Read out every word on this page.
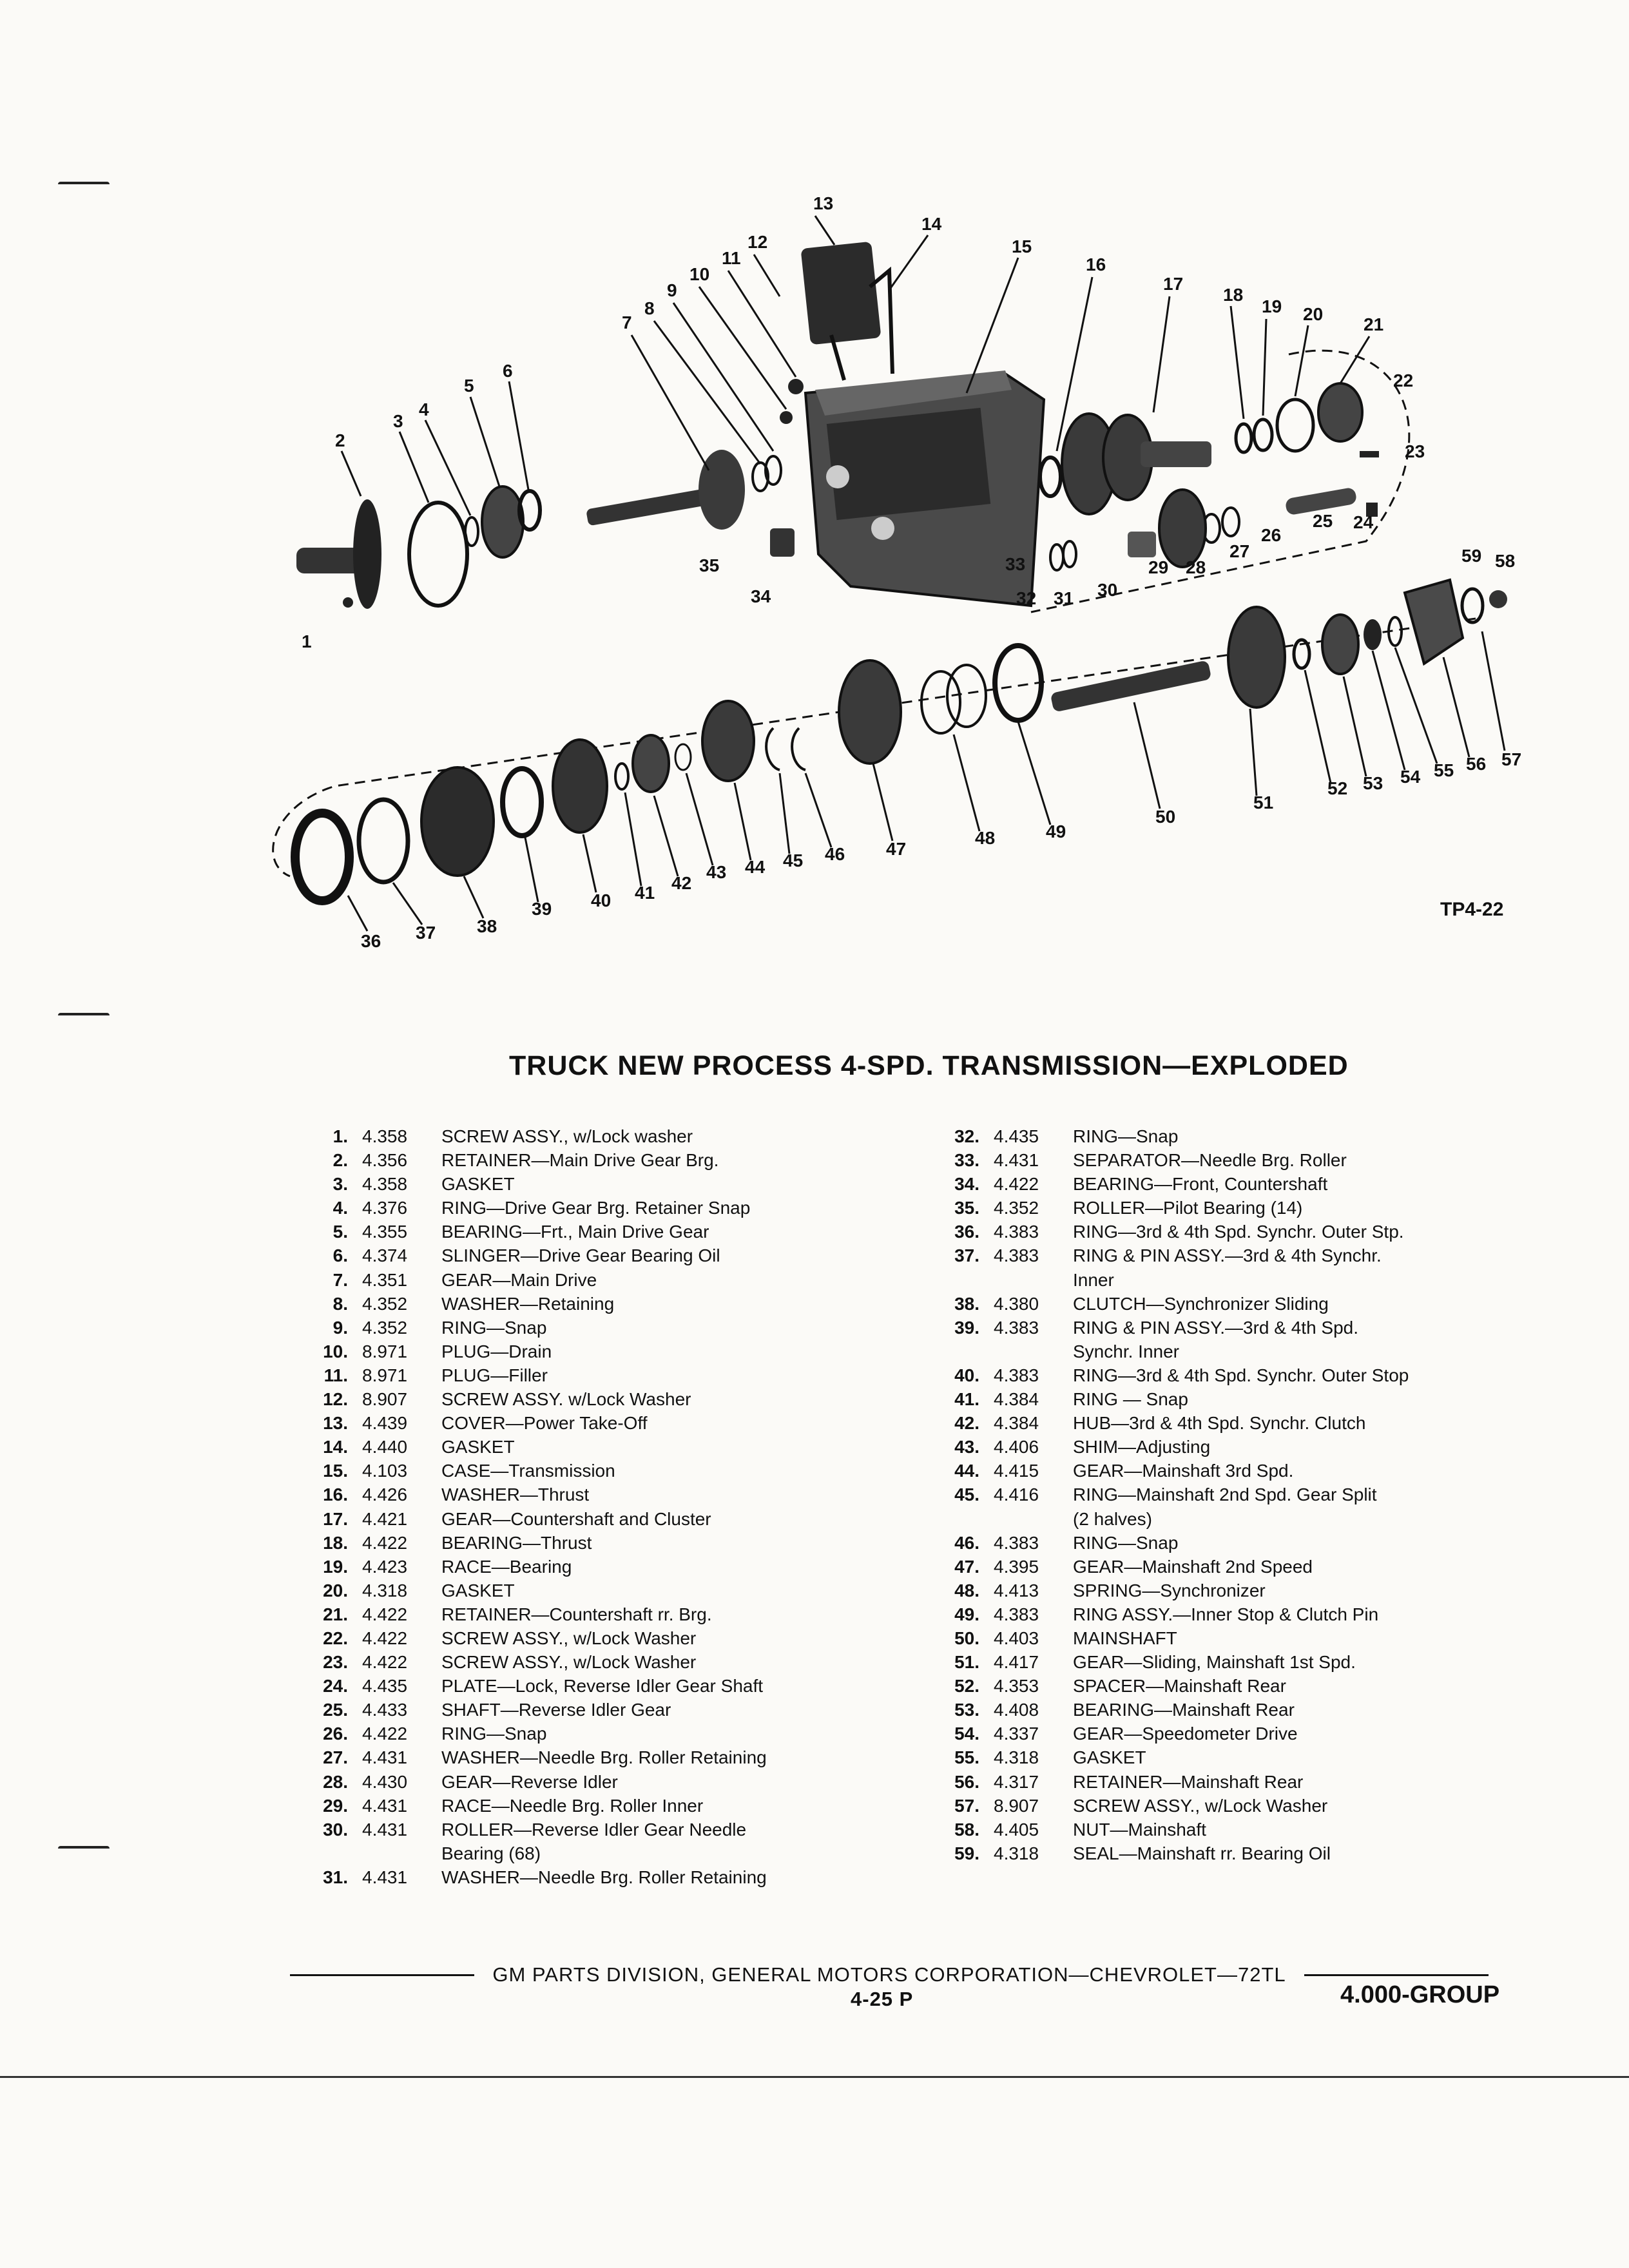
1
2
3
4
5
6
7
8
9
10
11
12
13
14
15
16
17
18
19 20
21
22
23
24
25
26
27
28
29
30
31
32
33
34
35
36 37 38
39 40 41 42
43 44 45 46 47
48	49
50
51
52 53 54 55 56 57
58
59
TP4-22
TRUCK NEW PROCESS 4-SPD. TRANSMISSION—EXPLODED
1. 4.358	SCREW ASSY., w/Lock washer
2. 4.356	RETAINER—Main Drive Gear Brg.
3. 4.358	GASKET
4. 4.376	RING—Drive Gear Brg. Retainer Snap
5. 4.355	BEARING—Frt., Main Drive Gear
6. 4.374	SLINGER—Drive Gear Bearing Oil
7. 4.351	GEAR—Main Drive
8. 4.352	WASHER—Retaining
9. 4.352	RING—Snap
10. 8.971	PLUG—Drain
11. 8.971	PLUG—Filler
12. 8.907	SCREW ASSY. w/Lock Washer
13. 4.439	COVER—Power Take-Off
14. 4.440	GASKET
15. 4.103	CASE—Transmission
16. 4.426	WASHER—Thrust
17. 4.421	GEAR—Countershaft and Cluster
18. 4.422	BEARING—Thrust
19. 4.423	RACE—Bearing
20. 4.318	GASKET
21. 4.422	RETAINER—Countershaft rr. Brg.
22. 4.422	SCREW ASSY., w/Lock Washer
23. 4.422	SCREW ASSY., w/Lock Washer
24. 4.435	PLATE—Lock, Reverse Idler Gear Shaft
25. 4.433	SHAFT—Reverse Idler Gear
26. 4.422	RING—Snap
27. 4.431	WASHER—Needle Brg. Roller Retaining
28. 4.430	GEAR—Reverse Idler
29. 4.431	RACE—Needle Brg. Roller Inner
30. 4.431	ROLLER—Reverse Idler Gear Needle
Bearing (68)
31. 4.431	WASHER—Needle Brg. Roller Retaining
32. 4.435	RING—Snap
33. 4.431	SEPARATOR—Needle Brg. Roller
34. 4.422	BEARING—Front, Countershaft
35. 4.352	ROLLER—Pilot Bearing (14)
36. 4.383	RING—3rd & 4th Spd. Synchr. Outer Stp.
37. 4.383	RING & PIN ASSY.—3rd & 4th Synchr.
Inner
38. 4.380	CLUTCH—Synchronizer Sliding
39. 4.383	RING & PIN ASSY.—3rd & 4th Spd.
Synchr. Inner
40. 4.383	RING—3rd & 4th Spd. Synchr. Outer Stop
41. 4.384	RING — Snap
42. 4.384	HUB—3rd & 4th Spd. Synchr. Clutch
43. 4.406	SHIM—Adjusting
44. 4.415	GEAR—Mainshaft 3rd Spd.
45. 4.416	RING—Mainshaft 2nd Spd. Gear Split
(2 halves)
46. 4.383	RING—Snap
47. 4.395	GEAR—Mainshaft 2nd Speed
48. 4.413	SPRING—Synchronizer
49. 4.383	RING ASSY.—Inner Stop & Clutch Pin
50. 4.403	MAINSHAFT
51. 4.417	GEAR—Sliding, Mainshaft 1st Spd.
52. 4.353	SPACER—Mainshaft Rear
53. 4.408	BEARING—Mainshaft Rear
54. 4.337	GEAR—Speedometer Drive
55. 4.318	GASKET
56. 4.317	RETAINER—Mainshaft Rear
57. 8.907	SCREW ASSY., w/Lock Washer
58. 4.405	NUT—Mainshaft
59. 4.318	SEAL—Mainshaft rr. Bearing Oil
GM PARTS DIVISION, GENERAL MOTORS CORPORATION—CHEVROLET—72TL
4-25 P	4.000-GROUP
